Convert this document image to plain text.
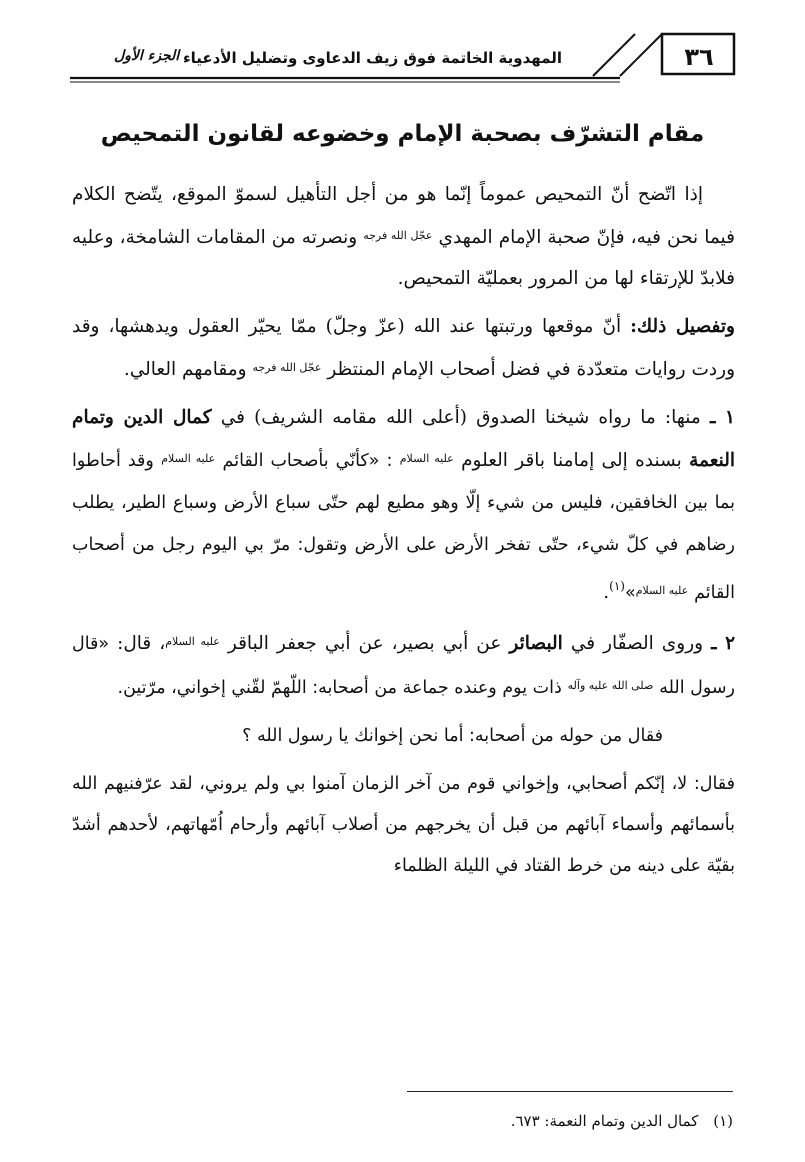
٣٦
المهدوية الخاتمة فوق زيف الدعاوى وتضليل الأدعياء
الجزء الأول
مقام التشرّف بصحبة الإمام وخضوعه لقانون التمحيص

إذا اتّضح أنّ التمحيص عموماً إنّما هو من أجل التأهيل لسموّ الموقع، يتّضح الكلام فيما نحن فيه، فإنّ صحبة الإمام المهدي $^{عجّل الله فرجه}$ ونصرته من المقامات الشامخة، وعليه فلابدّ للإرتقاء لها من المرور بعمليّة التمحيص.

وتفصيل ذلك: أنّ موقعها ورتبتها عند الله (عزّ وجلّ) ممّا يحيّر العقول ويدهشها، وقد وردت روايات متعدّدة في فضل أصحاب الإمام المنتظر $^{عجّل الله فرجه}$ ومقامهم العالي.

١ ـ منها: ما رواه شيخنا الصدوق (أعلى الله مقامه الشريف) في كمال الدين وتمام النعمة بسنده إلى إمامنا باقر العلوم $^{عليه السلام}$ : «كأنّي بأصحاب القائم $^{عليه السلام}$ وقد أحاطوا بما بين الخافقين، فليس من شيء إلّا وهو مطيع لهم حتّى سباع الأرض وسباع الطير، يطلب رضاهم في كلّ شيء، حتّى تفخر الأرض على الأرض وتقول: مرّ بي اليوم رجل من أصحاب القائم $^{عليه السلام}$»$^{(١)}$.

٢ ـ وروى الصفّار في البصائر عن أبي بصير، عن أبي جعفر الباقر $^{عليه السلام}$، قال: «قال رسول الله $^{صلى الله عليه وآله}$ ذات يوم وعنده جماعة من أصحابه: اللّهمّ لقّني إخواني، مرّتين.

فقال من حوله من أصحابه: أما نحن إخوانك يا رسول الله ؟

فقال: لا، إنّكم أصحابي، وإخواني قوم من آخر الزمان آمنوا بي ولم يروني، لقد عرّفنيهم الله بأسمائهم وأسماء آبائهم من قبل أن يخرجهم من أصلاب آبائهم وأرحام اُمّهاتهم، لأحدهم أشدّ بقيّة على دينه من خرط القتاد في الليلة الظلماء

(١) كمال الدين وتمام النعمة: ٦٧٣.
